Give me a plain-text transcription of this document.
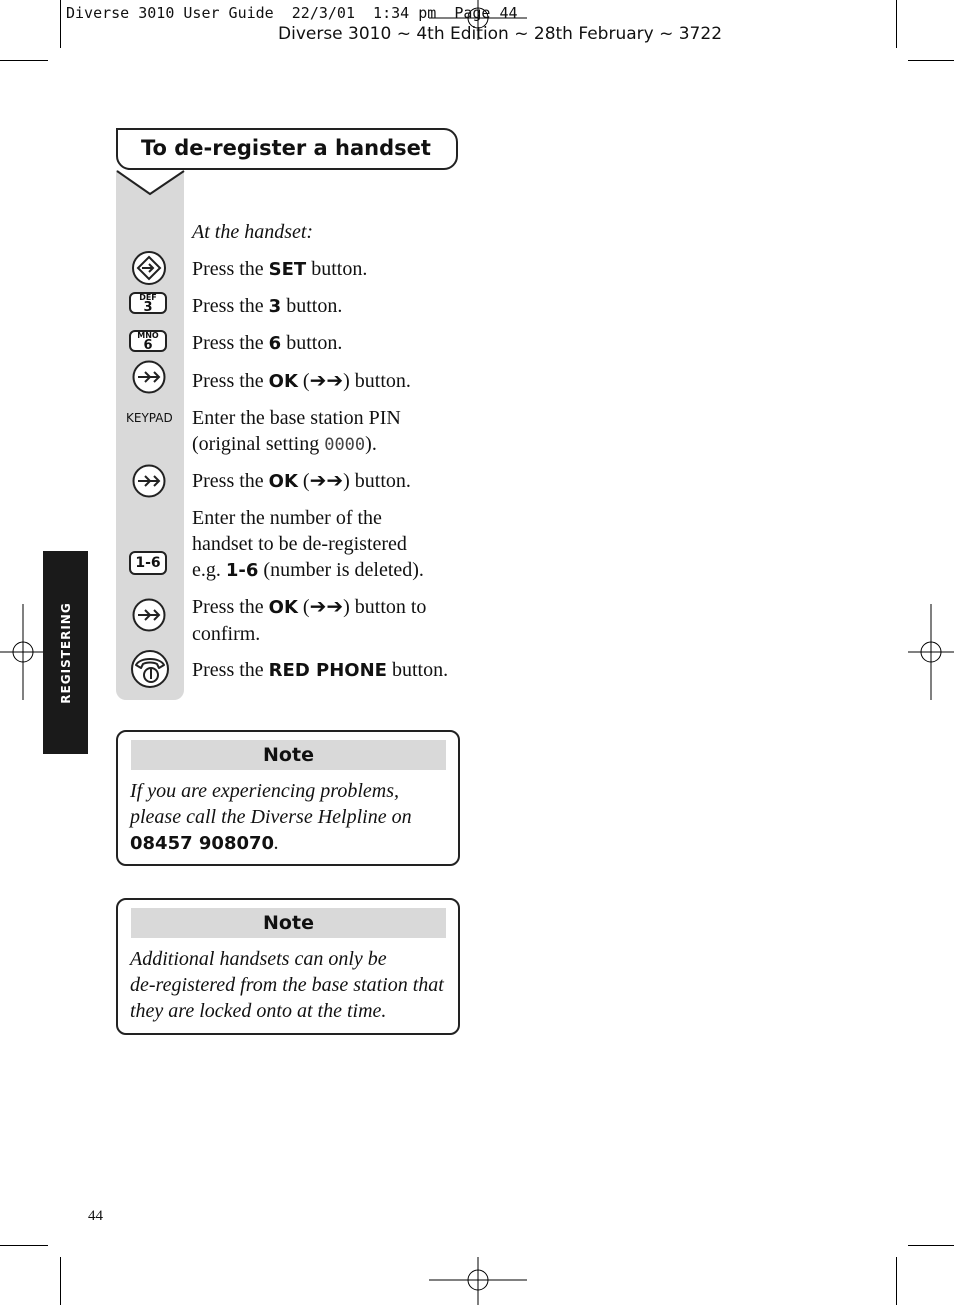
Diverse 3010 User Guide  22/3/01  1:34 pm  Page 44
Diverse 3010 ~ 4th Edition ~ 28th February ~ 3722
To de-register a handset
At the handset:
Press the SET button.
DEF
3	Press the 3 button.
MNO
6	Press the 6 button.
Press the OK (➔➔) button.
KEYPAD Enter the base station PIN
(original setting 0000).
Press the OK (➔➔) button.
1-6
Enter the number of the
handset to be de-registered
e.g. 1-6 (number is deleted).
Press the OK (➔➔) button to
confirm.
Press the RED PHONE button.
REGISTERING
Note
If you are experiencing problems,
please call the Diverse Helpline on
08457 908070.
Note
Additional handsets can only be
de-registered from the base station that
they are locked onto at the time.
44
